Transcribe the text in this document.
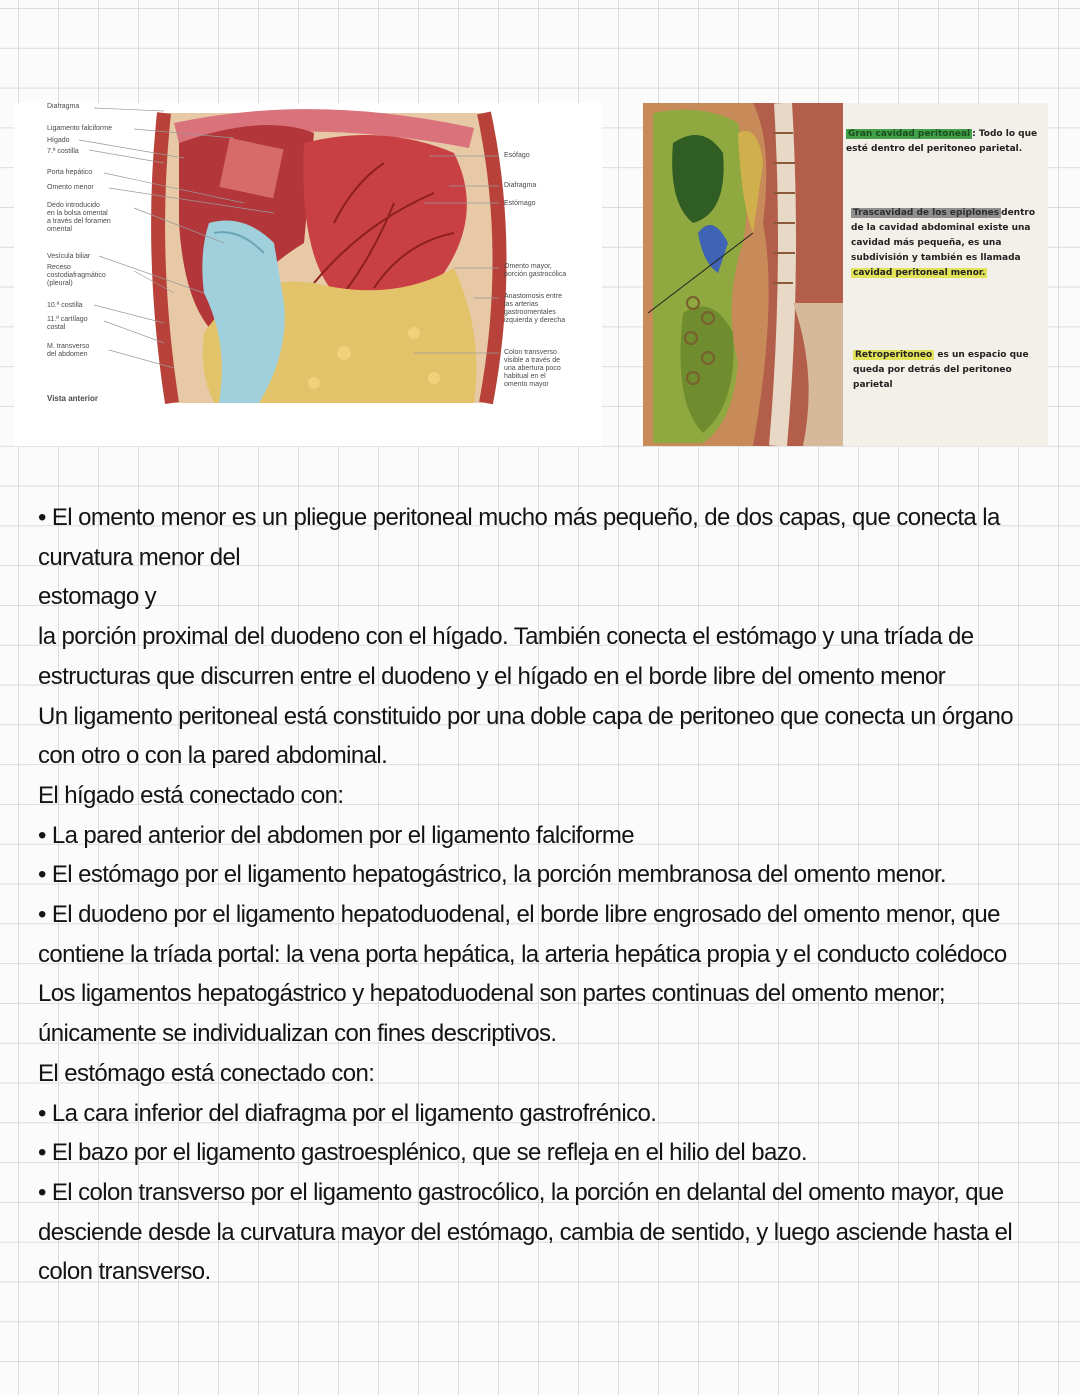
Diafragma
Ligamento falciforme
Hígado
7.ª costilla
Porta hepático
Omento menor
Dedo introducido
en la bolsa omental
a través del foramen
omental
Vesícula biliar
Receso
costodiafragmático
(pleural)
10.ª costilla
11.ª cartílago
costal
M. transverso
del abdomen
Vista anterior
Esófago
Diafragma
Estómago
Omento mayor,
porción gastrocólica
Anastomosis entre
las arterias
gastroomentales
izquierda y derecha
Colon transverso
visible a través de
una abertura poco
habitual en el
omento mayor
Gran cavidad peritoneal : Todo lo que esté dentro del peritoneo parietal.
Trascavidad de los epiplones dentro de la cavidad abdominal existe una cavidad más pequeña, es una subdivisión y también es llamada cavidad peritoneal menor.
Retroperitoneo es un espacio que queda por detrás del peritoneo parietal

• El omento menor es un pliegue peritoneal mucho más pequeño, de dos capas, que conecta la curvatura menor del

estomago y

la porción proximal del duodeno con el hígado. También conecta el estómago y una tríada de estructuras que discurren entre el duodeno y el hígado en el borde libre del omento menor

Un ligamento peritoneal está constituido por una doble capa de peritoneo que conecta un órgano con otro o con la pared abdominal.

El hígado está conectado con:

• La pared anterior del abdomen por el ligamento falciforme

• El estómago por el ligamento hepatogástrico, la porción membranosa del omento menor.

• El duodeno por el ligamento hepatoduodenal, el borde libre engrosado del omento menor, que contiene la tríada portal: la vena porta hepática, la arteria hepática propia y el conducto colédoco

Los ligamentos hepatogástrico y hepatoduodenal son partes continuas del omento menor; únicamente se individualizan con fines descriptivos.

El estómago está conectado con:

• La cara inferior del diafragma por el ligamento gastrofrénico.

• El bazo por el ligamento gastroesplénico, que se refleja en el hilio del bazo.

• El colon transverso por el ligamento gastrocólico, la porción en delantal del omento mayor, que desciende desde la curvatura mayor del estómago, cambia de sentido, y luego asciende hasta el colon transverso.
